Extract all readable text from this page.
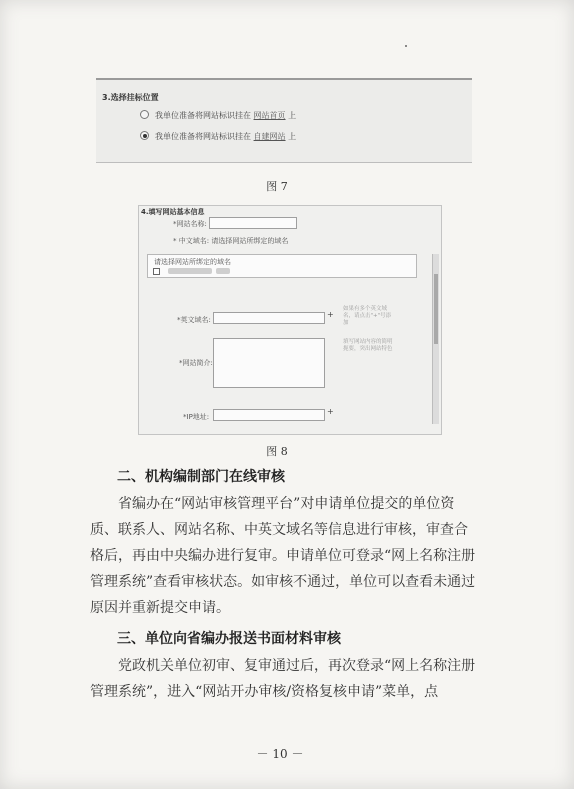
3.选择挂标位置
我单位准备将网站标识挂在 网站首页 上
我单位准备将网站标识挂在 自建网站 上
图 7
4.填写网站基本信息
*网站名称:
* 中文域名: 请选择网站所绑定的域名
请选择网站所绑定的域名
*英文域名:
+
如果有多个英文域名，请点击"+"号添加
*网站简介:
填写网站内容的简明扼要，突出网站特色
*IP地址:
+
图 8
二、机构编制部门在线审核

省编办在“网站审核管理平台”对申请单位提交的单位资质、联系人、网站名称、中英文域名等信息进行审核，审查合格后，再由中央编办进行复审。申请单位可登录“网上名称注册管理系统”查看审核状态。如审核不通过，单位可以查看未通过原因并重新提交申请。

三、单位向省编办报送书面材料审核

党政机关单位初审、复审通过后，再次登录“网上名称注册管理系统”，进入“网站开办审核/资格复核申请”菜单，点

－ 10 －
